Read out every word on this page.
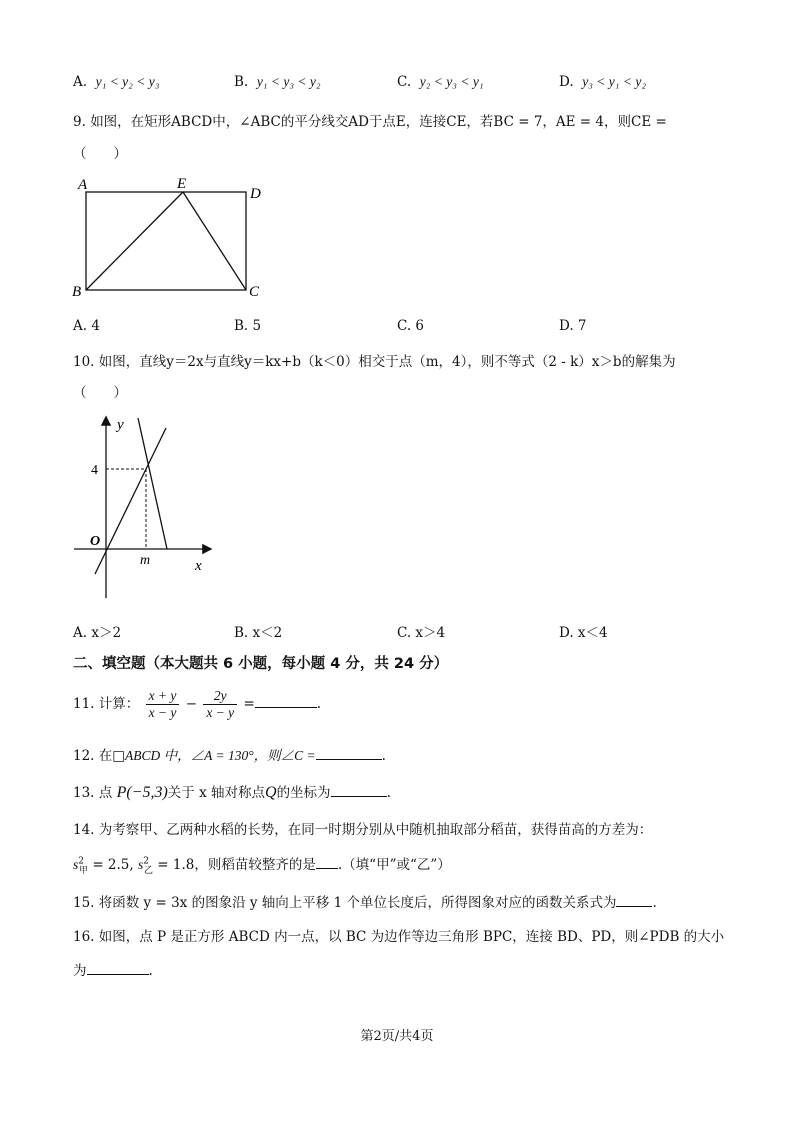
A. y₁ < y₂ < y₃	B. y₁ < y₃ < y₂	C. y₂ < y₃ < y₁	D. y₃ < y₁ < y₂
9. 如图，在矩形ABCD中，∠ABC的平分线交AD于点E，连接CE，若BC = 7，AE = 4，则CE =
（　　）
A	E
D
B	C
A. 4	B. 5	C. 6	D. 7
10. 如图，直线y＝2x与直线y＝kx+b（k＜0）相交于点（m，4），则不等式（2 - k）x＞b的解集为
（　　）
y
x
O
m
4
A. x＞2	B. x＜2	C. x＞4	D. x＜4
二、填空题（本大题共 6 小题，每小题 4 分，共 24 分）
11. 计算： $\frac{x + y}{x - y} - \frac{2y}{x - y}$ =	.
12. 在□ABCD 中，∠A = 130°，则∠C =	.
13. 点 P(−5,3)关于 x 轴对称点Q的坐标为	.
14. 为考察甲、乙两种水稻的长势，在同一时期分别从中随机抽取部分稻苗，获得苗高的方差为：
$s^2_甲 = 2.5$, $s^2_乙 = 1.8$，则稻苗较整齐的是 .（填“甲”或“乙”）
15. 将函数 y = 3x 的图象沿 y 轴向上平移 1 个单位长度后，所得图象对应的函数关系式为	.
16. 如图，点 P 是正方形 ABCD 内一点，以 BC 为边作等边三角形 BPC，连接 BD、PD，则∠PDB 的大小
为	.
第2页/共4页
